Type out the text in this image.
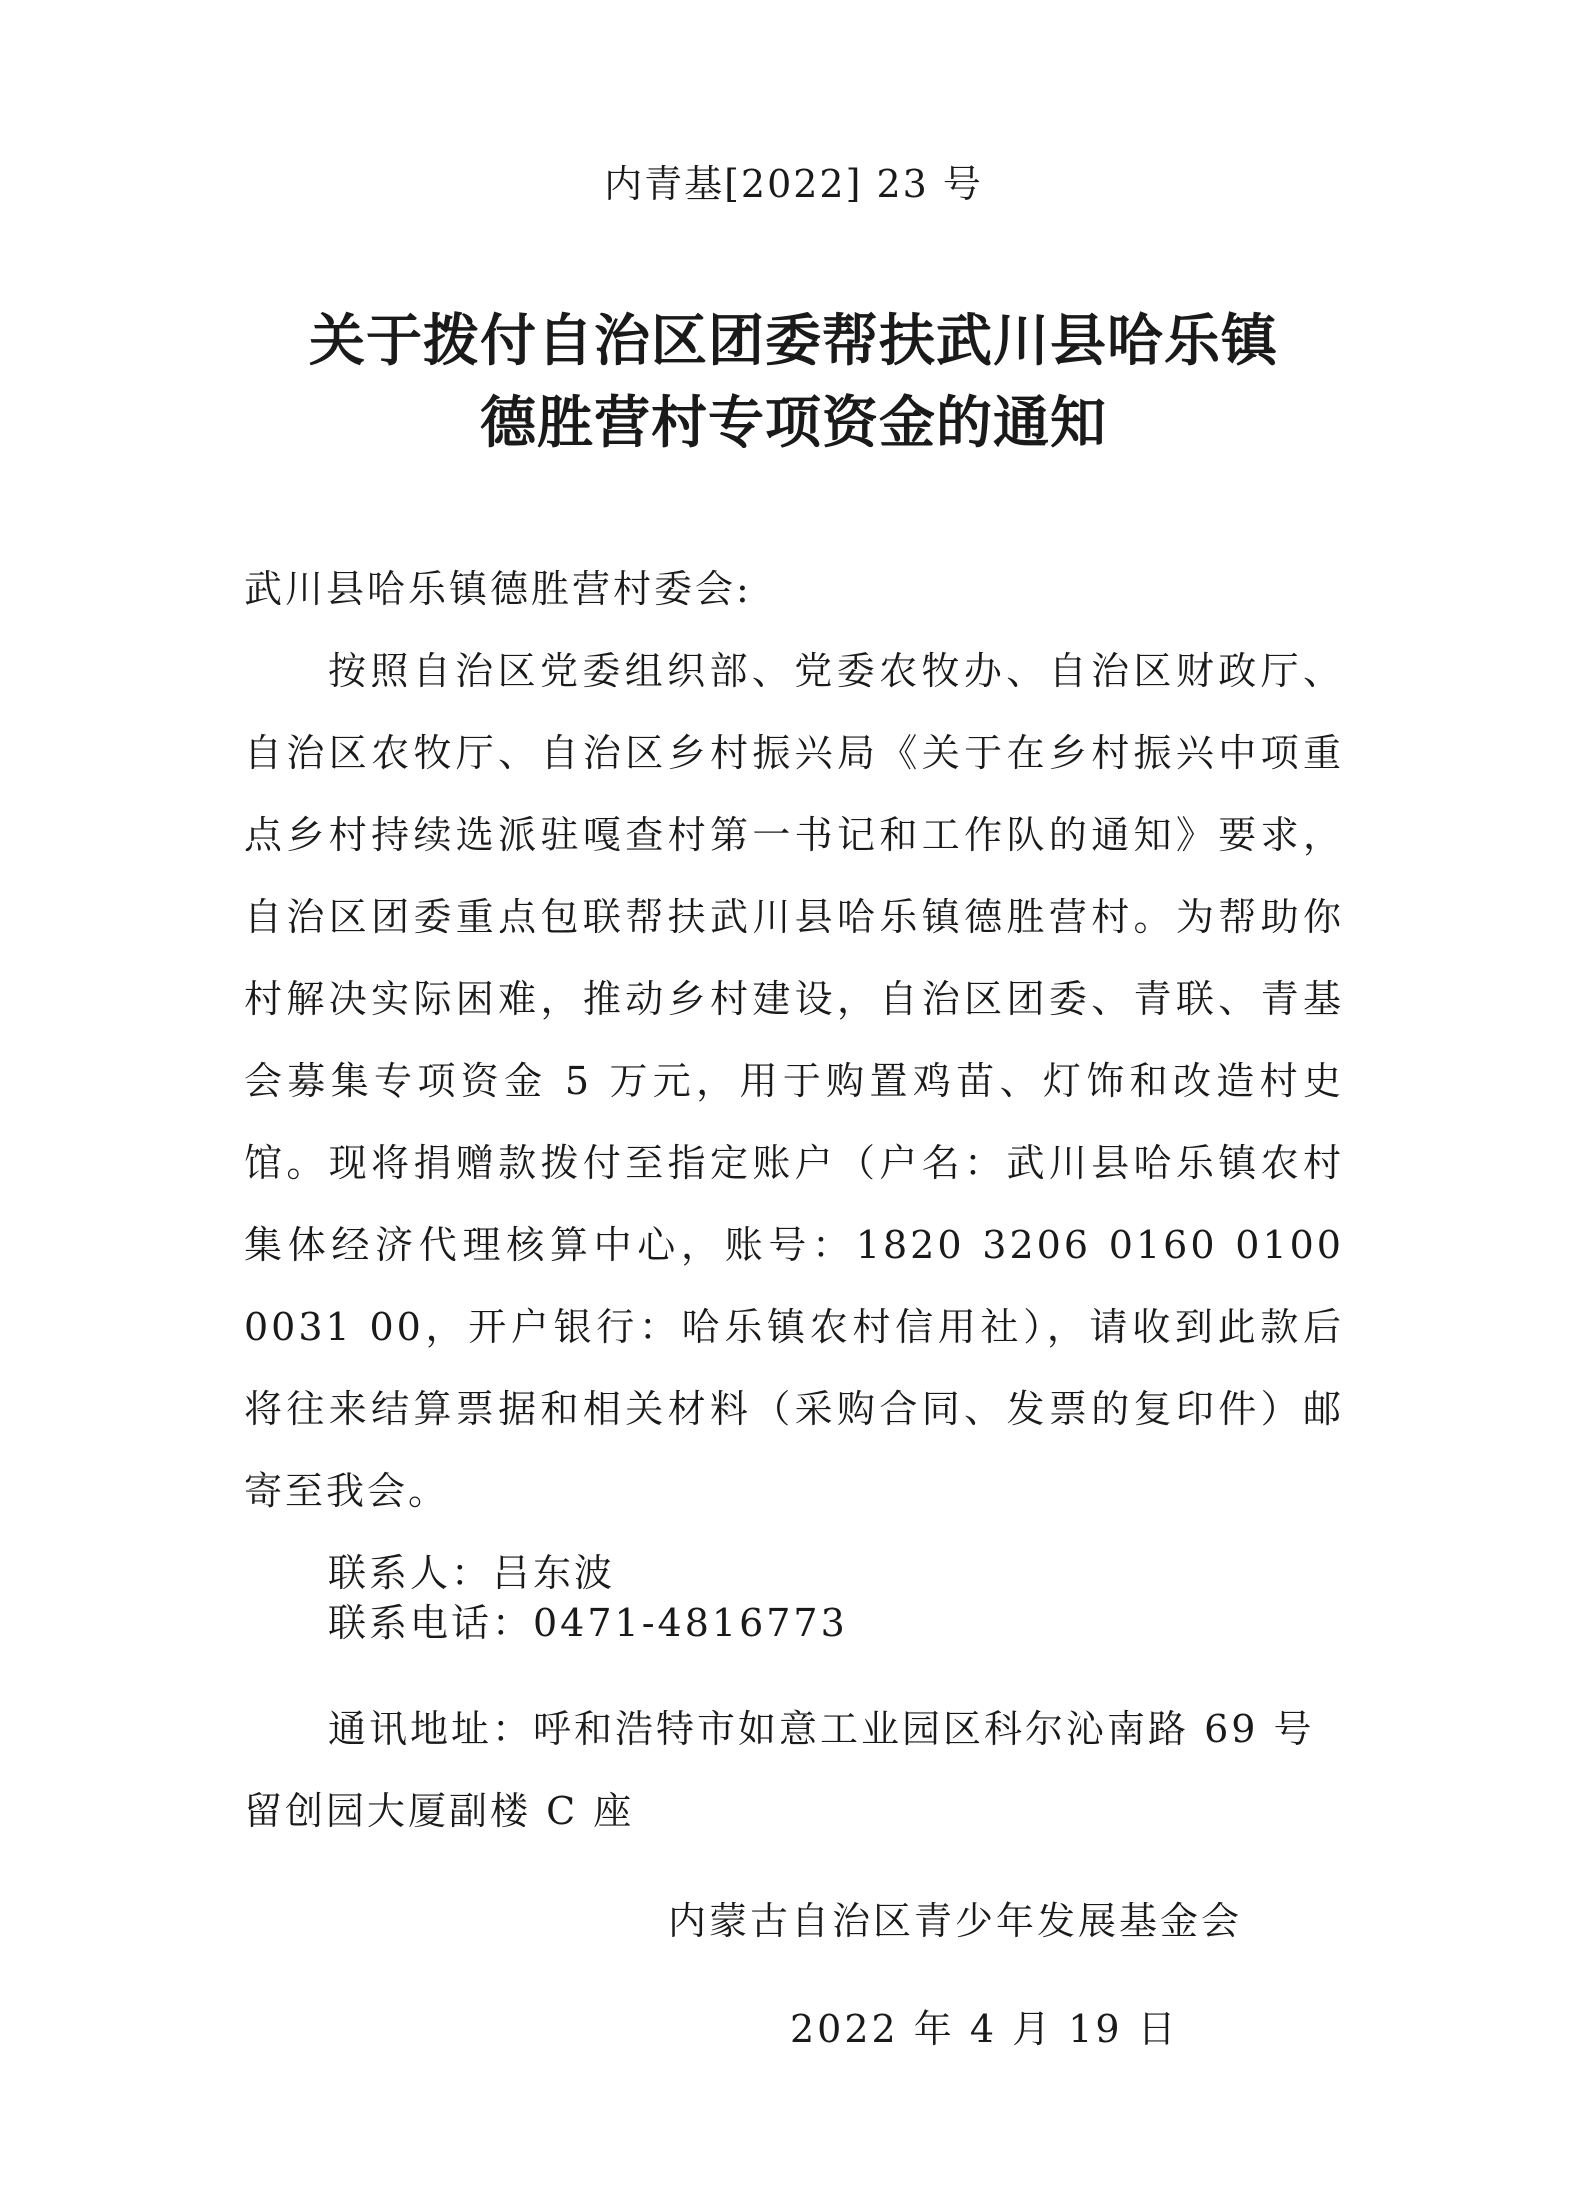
内青基[2022] 23 号
关于拨付自治区团委帮扶武川县哈乐镇
德胜营村专项资金的通知
武川县哈乐镇德胜营村委会:

按照自治区党委组织部、党委农牧办、自治区财政厅、自治区农牧厅、自治区乡村振兴局《关于在乡村振兴中项重点乡村持续选派驻嘎查村第一书记和工作队的通知》要求，自治区团委重点包联帮扶武川县哈乐镇德胜营村。为帮助你村解决实际困难，推动乡村建设，自治区团委、青联、青基会募集专项资金 5 万元，用于购置鸡苗、灯饰和改造村史馆。现将捐赠款拨付至指定账户（户名：武川县哈乐镇农村集体经济代理核算中心，账号：1820 3206 0160 0100 0031 00，开户银行：哈乐镇农村信用社），请收到此款后将往来结算票据和相关材料（采购合同、发票的复印件）邮寄至我会。

联系人：吕东波
联系电话：0471-4816773
通讯地址：呼和浩特市如意工业园区科尔沁南路 69 号留创园大厦副楼 C 座
内蒙古自治区青少年发展基金会
2022 年 4 月 19 日
